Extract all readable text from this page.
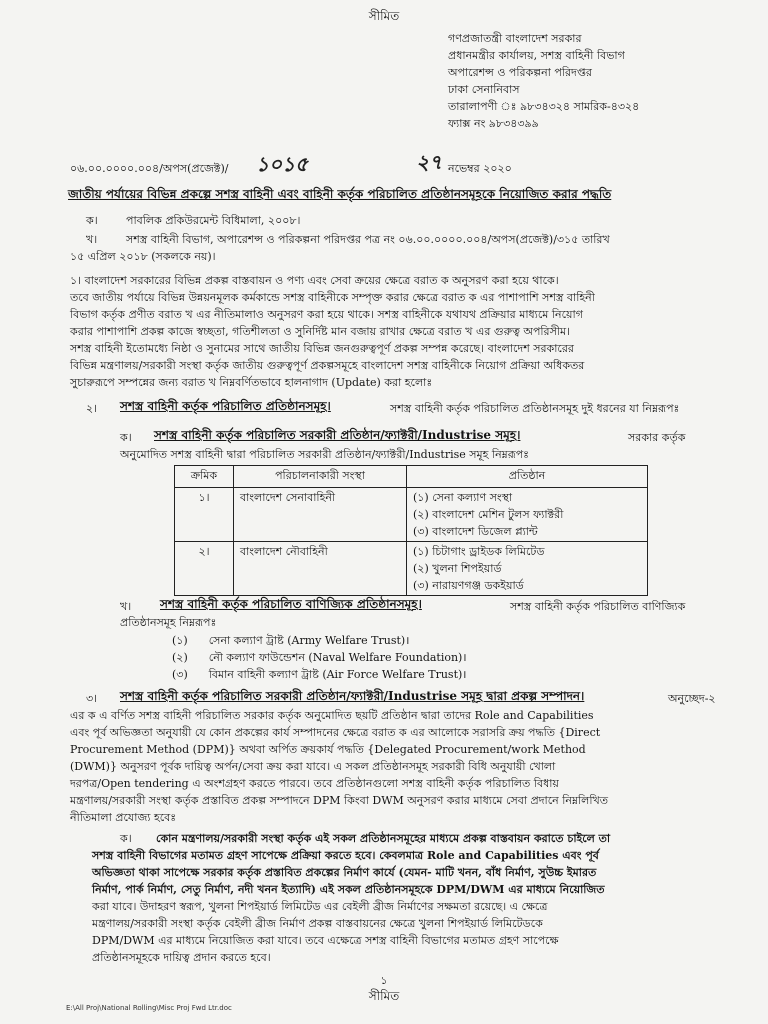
সীমিত
গণপ্রজাতন্ত্রী বাংলাদেশ সরকার
প্রধানমন্ত্রীর কার্যালয়, সশস্ত্র বাহিনী বিভাগ
অপারেশন্স ও পরিকল্পনা পরিদপ্তর
ঢাকা সেনানিবাস
তারালাপণী ঃ ৯৮৩৪৩২৪ সামরিক-৪৩২৪
ফ্যাক্স নং ৯৮৩৪৩৯৯
০৬.০০.০০০০.০০৪/অপস(প্রজেক্ট)/ ১০১৫	২৭ নভেম্বর ২০২০
জাতীয় পর্যায়ের বিভিন্ন প্রকল্পে সশস্ত্র বাহিনী এবং বাহিনী কর্তৃক পরিচালিত প্রতিষ্ঠানসমূহকে নিয়োজিত করার পদ্ধতি
ক।	পাবলিক প্রকিউরমেন্ট বিধিমালা, ২০০৮।
খ।	সশস্ত্র বাহিনী বিভাগ, অপারেশন্স ও পরিকল্পনা পরিদপ্তর পত্র নং ০৬.০০.০০০০.০০৪/অপস(প্রজেক্ট)/৩১৫ তারিখ
১৫ এপ্রিল ২০১৮ (সকলকে নয়)।
১। বাংলাদেশ সরকারের বিভিন্ন প্রকল্প বাস্তবায়ন ও পণ্য এবং সেবা ক্রয়ের ক্ষেত্রে বরাত ক অনুসরণ করা হয়ে থাকে।
তবে জাতীয় পর্যায়ে বিভিন্ন উন্নয়নমূলক কর্মকান্ডে সশস্ত্র বাহিনীকে সম্পৃক্ত করার ক্ষেত্রে বরাত ক এর পাশাপাশি সশস্ত্র বাহিনী
বিভাগ কর্তৃক প্রণীত বরাত খ এর নীতিমালাও অনুসরণ করা হয়ে থাকে। সশস্ত্র বাহিনীকে যথাযথ প্রক্রিয়ার মাধ্যমে নিয়োগ
করার পাশাপাশি প্রকল্প কাজে স্বচ্ছতা, গতিশীলতা ও সুনির্দিষ্ট মান বজায় রাখার ক্ষেত্রে বরাত খ এর গুরুত্ব অপরিসীম।
সশস্ত্র বাহিনী ইতোমধ্যে নিষ্ঠা ও সুনামের সাথে জাতীয় বিভিন্ন জনগুরুত্বপূর্ণ প্রকল্প সম্পন্ন করেছে। বাংলাদেশ সরকারের
বিভিন্ন মন্ত্রণালয়/সরকারী সংস্থা কর্তৃক জাতীয় গুরুত্বপূর্ণ প্রকল্পসমূহে বাংলাদেশ সশস্ত্র বাহিনীকে নিয়োগ প্রক্রিয়া অধিকতর
সুচারুরূপে সম্পন্নের জন্য বরাত খ নিম্নবর্ণিতভাবে হালনাগাদ (Update) করা হলোঃ
২। সশস্ত্র বাহিনী কর্তৃক পরিচালিত প্রতিষ্ঠানসমূহ।	সশস্ত্র বাহিনী কর্তৃক পরিচালিত প্রতিষ্ঠানসমূহ দুই ধরনের যা নিম্নরূপঃ
ক। সশস্ত্র বাহিনী কর্তৃক পরিচালিত সরকারী প্রতিষ্ঠান/ফ্যাক্টরী/Industrise সমূহ।	সরকার কর্তৃক
অনুমোদিত সশস্ত্র বাহিনী দ্বারা পরিচালিত সরকারী প্রতিষ্ঠান/ফ্যাক্টরী/Industrise সমূহ নিম্নরূপঃ
ক্রমিক	পরিচালনাকারী সংস্থা	প্রতিষ্ঠান
১।	বাংলাদেশ সেনাবাহিনী	(১) সেনা কল্যাণ সংস্থা
(২) বাংলাদেশ মেশিন টুলস ফ্যাক্টরী
(৩) বাংলাদেশ ডিজেল প্ল্যান্ট

২।	বাংলাদেশ নৌবাহিনী	(১) চিটাগাং ড্রাইডক লিমিটেড
(২) খুলনা শিপইয়ার্ড
(৩) নারায়ণগঞ্জ ডকইয়ার্ড
খ। সশস্ত্র বাহিনী কর্তৃক পরিচালিত বাণিজ্যিক প্রতিষ্ঠানসমূহ।	সশস্ত্র বাহিনী কর্তৃক পরিচালিত বাণিজ্যিক
প্রতিষ্ঠানসমূহ নিম্নরূপঃ
(১) সেনা কল্যাণ ট্রাষ্ট (Army Welfare Trust)।
(২) নৌ কল্যাণ ফাউন্ডেশন (Naval Welfare Foundation)।
(৩) বিমান বাহিনী কল্যাণ ট্রাষ্ট (Air Force Welfare Trust)।
৩। সশস্ত্র বাহিনী কর্তৃক পরিচালিত সরকারী প্রতিষ্ঠান/ফ্যাক্টরী/Industrise সমূহ দ্বারা প্রকল্প সম্পাদন।	অনুচ্ছেদ-২
এর ক এ বর্ণিত সশস্ত্র বাহিনী পরিচালিত সরকার কর্তৃক অনুমোদিত ছয়টি প্রতিষ্ঠান দ্বারা তাদের Role and Capabilities
এবং পূর্ব অভিজ্ঞতা অনুযায়ী যে কোন প্রকল্পের কার্য সম্পাদনের ক্ষেত্রে বরাত ক এর আলোকে সরাসরি ক্রয় পদ্ধতি {Direct
Procurement Method (DPM)} অথবা অর্পিত ক্রয়কার্য পদ্ধতি {Delegated Procurement/work Method
(DWM)} অনুসরণ পূর্বক দায়িত্ব অর্পন/সেবা ক্রয় করা যাবে। এ সকল প্রতিষ্ঠানসমূহ সরকারী বিধি অনুযায়ী খোলা
দরপত্র/Open tendering এ অংশগ্রহণ করতে পারবে। তবে প্রতিষ্ঠানগুলো সশস্ত্র বাহিনী কর্তৃক পরিচালিত বিধায়
মন্ত্রণালয়/সরকারী সংস্থা কর্তৃক প্রস্তাবিত প্রকল্প সম্পাদনে DPM কিংবা DWM অনুসরণ করার মাধ্যমে সেবা প্রদানে নিম্নলিখিত
নীতিমালা প্রযোজ্য হবেঃ
ক।	কোন মন্ত্রণালয়/সরকারী সংস্থা কর্তৃক এই সকল প্রতিষ্ঠানসমূহের মাধ্যমে প্রকল্প বাস্তবায়ন করাতে চাইলে তা
সশস্ত্র বাহিনী বিভাগের মতামত গ্রহণ সাপেক্ষে প্রক্রিয়া করতে হবে। কেবলমাত্র Role and Capabilities এবং পূর্ব
অভিজ্ঞতা থাকা সাপেক্ষে সরকার কর্তৃক প্রস্তাবিত প্রকল্পের নির্মাণ কার্যে (যেমন- মাটি খনন, বাঁধ নির্মাণ, সুউচ্চ ইমারত
নির্মাণ, পার্ক নির্মাণ, সেতু নির্মাণ, নদী খনন ইত্যাদি) এই সকল প্রতিষ্ঠানসমূহকে DPM/DWM এর মাধ্যমে নিয়োজিত
করা যাবে। উদাহরণ স্বরূপ, খুলনা শিপইয়ার্ড লিমিটেড এর বেইলী ব্রীজ নির্মাণের সক্ষমতা রয়েছে। এ ক্ষেত্রে
মন্ত্রণালয়/সরকারী সংস্থা কর্তৃক বেইলী ব্রীজ নির্মাণ প্রকল্প বাস্তবায়নের ক্ষেত্রে খুলনা শিপইয়ার্ড লিমিটেডকে
DPM/DWM এর মাধ্যমে নিয়োজিত করা যাবে। তবে এক্ষেত্রে সশস্ত্র বাহিনী বিভাগের মতামত গ্রহণ সাপেক্ষে
প্রতিষ্ঠানসমূহকে দায়িত্ব প্রদান করতে হবে।
১
সীমিত
E:\All Proj\National Rolling\Misc Proj Fwd Ltr.doc
